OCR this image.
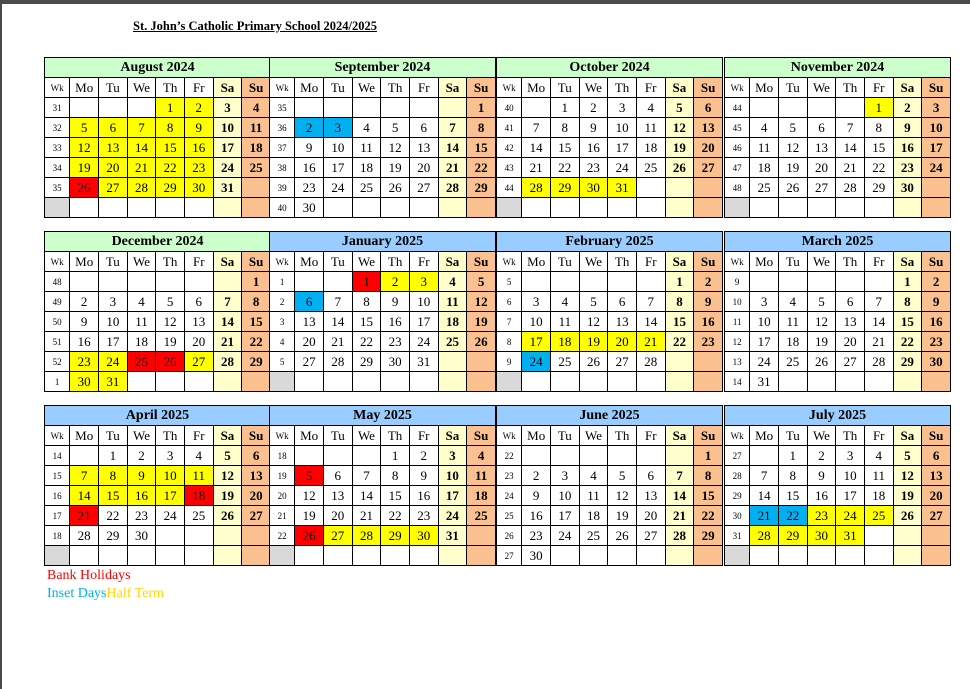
St. John’s Catholic Primary School 2024/2025
August 2024							
Wk	Mo	Tu	We	Th	Fr	Sa	Su
31				1	2	3	4
32	5	6	7	8	9	10	11
33	12	13	14	15	16	17	18
34	19	20	21	22	23	24	25
35	26	27	28	29	30	31	

September 2024							
Wk	Mo	Tu	We	Th	Fr	Sa	Su
35							1
36	2	3	4	5	6	7	8
37	9	10	11	12	13	14	15
38	16	17	18	19	20	21	22
39	23	24	25	26	27	28	29
40	30						
October 2024							
Wk	Mo	Tu	We	Th	Fr	Sa	Su
40		1	2	3	4	5	6
41	7	8	9	10	11	12	13
42	14	15	16	17	18	19	20
43	21	22	23	24	25	26	27
44	28	29	30	31			

November 2024							
Wk	Mo	Tu	We	Th	Fr	Sa	Su
44					1	2	3
45	4	5	6	7	8	9	10
46	11	12	13	14	15	16	17
47	18	19	20	21	22	23	24
48	25	26	27	28	29	30	

December 2024							
Wk	Mo	Tu	We	Th	Fr	Sa	Su
48							1
49	2	3	4	5	6	7	8
50	9	10	11	12	13	14	15
51	16	17	18	19	20	21	22
52	23	24	25	26	27	28	29
1	30	31					
January 2025							
Wk	Mo	Tu	We	Th	Fr	Sa	Su
1			1	2	3	4	5
2	6	7	8	9	10	11	12
3	13	14	15	16	17	18	19
4	20	21	22	23	24	25	26
5	27	28	29	30	31		

February 2025							
Wk	Mo	Tu	We	Th	Fr	Sa	Su
5						1	2
6	3	4	5	6	7	8	9
7	10	11	12	13	14	15	16
8	17	18	19	20	21	22	23
9	24	25	26	27	28		

March 2025							
Wk	Mo	Tu	We	Th	Fr	Sa	Su
9						1	2
10	3	4	5	6	7	8	9
11	10	11	12	13	14	15	16
12	17	18	19	20	21	22	23
13	24	25	26	27	28	29	30
14	31						
April 2025							
Wk	Mo	Tu	We	Th	Fr	Sa	Su
14		1	2	3	4	5	6
15	7	8	9	10	11	12	13
16	14	15	16	17	18	19	20
17	21	22	23	24	25	26	27
18	28	29	30				

May 2025							
Wk	Mo	Tu	We	Th	Fr	Sa	Su
18				1	2	3	4
19	5	6	7	8	9	10	11
20	12	13	14	15	16	17	18
21	19	20	21	22	23	24	25
22	26	27	28	29	30	31	

June 2025							
Wk	Mo	Tu	We	Th	Fr	Sa	Su
22							1
23	2	3	4	5	6	7	8
24	9	10	11	12	13	14	15
25	16	17	18	19	20	21	22
26	23	24	25	26	27	28	29
27	30						
July 2025							
Wk	Mo	Tu	We	Th	Fr	Sa	Su
27		1	2	3	4	5	6
28	7	8	9	10	11	12	13
29	14	15	16	17	18	19	20
30	21	22	23	24	25	26	27
31	28	29	30	31			

Bank Holidays
Inset DaysHalf Term
